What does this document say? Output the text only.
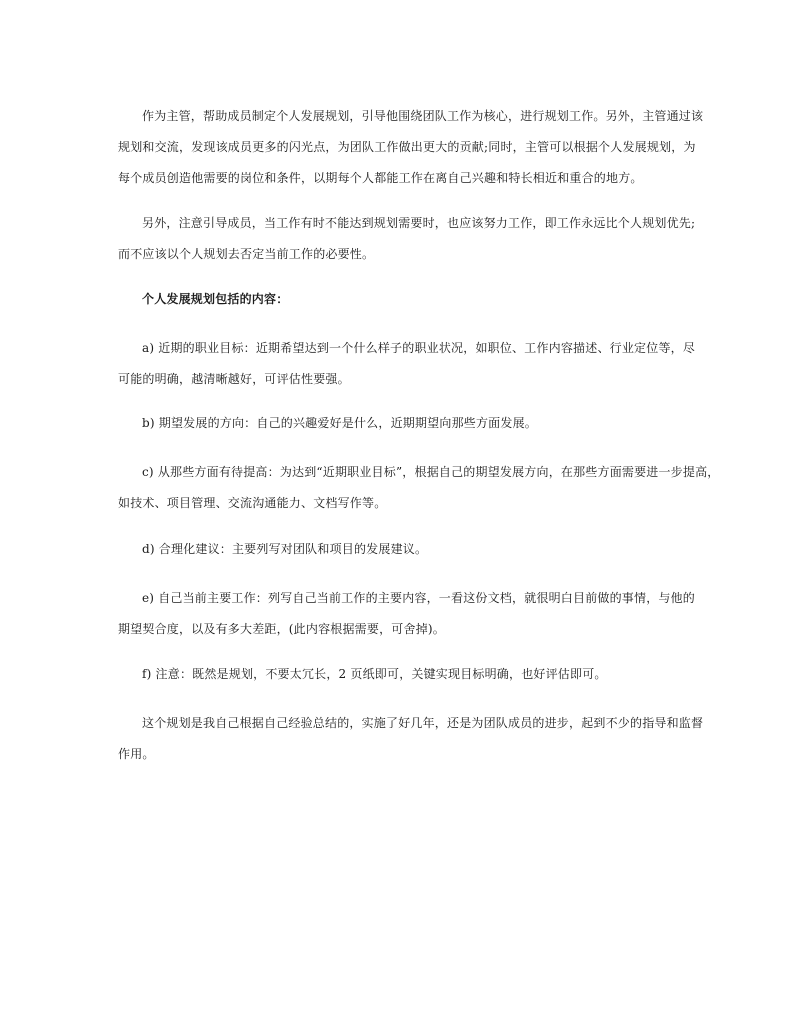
作为主管，帮助成员制定个人发展规划，引导他围绕团队工作为核心，进行规划工作。另外，主管通过该
规划和交流，发现该成员更多的闪光点，为团队工作做出更大的贡献;同时，主管可以根据个人发展规划，为
每个成员创造他需要的岗位和条件，以期每个人都能工作在离自己兴趣和特长相近和重合的地方。
另外，注意引导成员，当工作有时不能达到规划需要时，也应该努力工作，即工作永远比个人规划优先;
而不应该以个人规划去否定当前工作的必要性。
个人发展规划包括的内容：
a) 近期的职业目标：近期希望达到一个什么样子的职业状况，如职位、工作内容描述、行业定位等，尽
可能的明确，越清晰越好，可评估性要强。
b) 期望发展的方向：自己的兴趣爱好是什么，近期期望向那些方面发展。
c) 从那些方面有待提高：为达到“近期职业目标”，根据自己的期望发展方向，在那些方面需要进一步提高，
如技术、项目管理、交流沟通能力、文档写作等。
d) 合理化建议：主要列写对团队和项目的发展建议。
e) 自己当前主要工作：列写自己当前工作的主要内容，一看这份文档，就很明白目前做的事情，与他的
期望契合度，以及有多大差距，(此内容根据需要，可舍掉)。
f) 注意：既然是规划，不要太冗长，2 页纸即可，关键实现目标明确，也好评估即可。
这个规划是我自己根据自己经验总结的，实施了好几年，还是为团队成员的进步，起到不少的指导和监督
作用。
